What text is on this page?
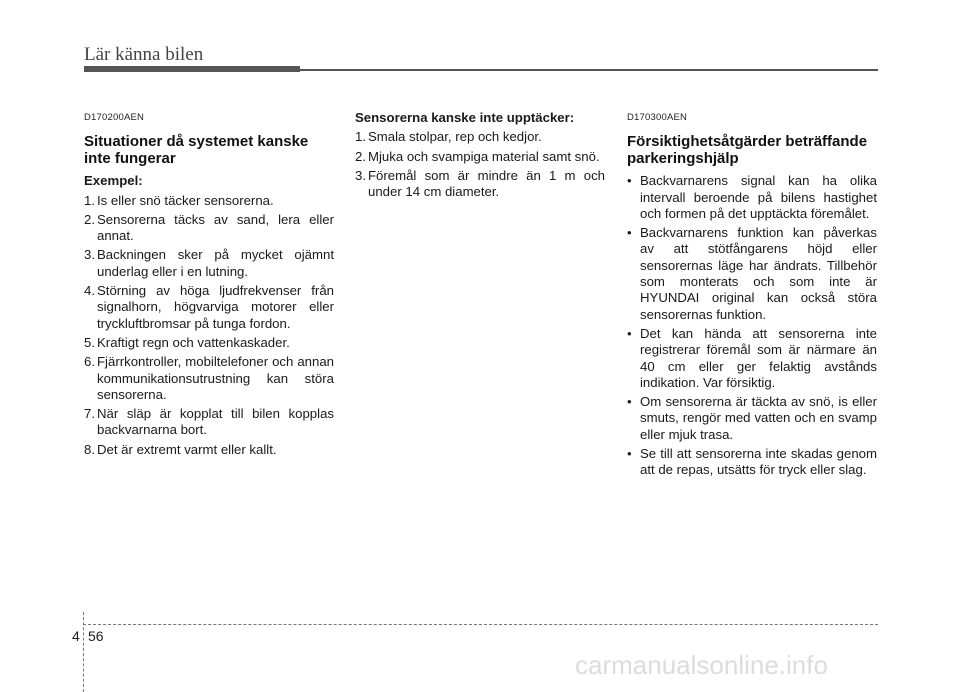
Lär känna bilen

D170200AEN

Situationer då systemet kanske inte fungerar

Exempel:

1. Is eller snö täcker sensorerna.
2. Sensorerna täcks av sand, lera eller annat.
3. Backningen sker på mycket ojämnt underlag eller i en lutning.
4. Störning av höga ljudfrekvenser från signalhorn, högvarviga motorer eller tryckluftbromsar på tunga fordon.
5. Kraftigt regn och vattenkaskader.
6. Fjärrkontroller, mobiltelefoner och annan kommunikationsutrustning kan störa sensorerna.
7. När släp är kopplat till bilen kopplas backvarnarna bort.
8. Det är extremt varmt eller kallt.

Sensorerna kanske inte upptäcker:

1. Smala stolpar, rep och kedjor.
2. Mjuka och svampiga material samt snö.
3. Föremål som är mindre än 1 m och under 14 cm diameter.

D170300AEN

Försiktighetsåtgärder beträffande parkeringshjälp
• Backvarnarens signal kan ha olika intervall beroende på bilens hastighet och formen på det upptäckta föremålet.
• Backvarnarens funktion kan påverkas av att stötfångarens höjd eller sensorernas läge har ändrats. Tillbehör som monterats och som inte är HYUNDAI original kan också störa sensorernas funktion.
• Det kan hända att sensorerna inte registrerar föremål som är närmare än 40 cm eller ger felaktig avstånds indikation. Var försiktig.
• Om sensorerna är täckta av snö, is eller smuts, rengör med vatten och en svamp eller mjuk trasa.
• Se till att sensorerna inte skadas genom att de repas, utsätts för tryck eller slag.
4 56
carmanualsonline.info
